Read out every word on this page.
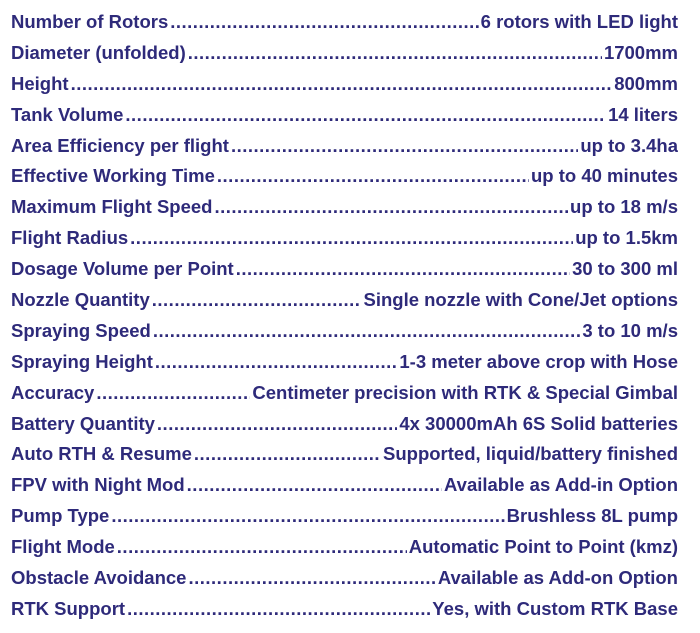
Number of Rotors .....	6 rotors with LED light
Diameter (unfolded) .....	1700mm
Height .....	800mm
Tank Volume .....	14 liters
Area Efficiency per flight .....	up to 3.4ha
Effective Working Time .....	up to 40 minutes
Maximum Flight Speed .....	up to 18 m/s
Flight Radius .....	up to 1.5km
Dosage Volume per Point .....	30 to 300 ml
Nozzle Quantity .....	Single nozzle with Cone/Jet options
Spraying Speed .....	3 to 10 m/s
Spraying Height .....	1-3 meter above crop with Hose
Accuracy .....	Centimeter precision with RTK & Special Gimbal
Battery Quantity .....	4x 30000mAh 6S Solid batteries
Auto RTH & Resume .....	Supported, liquid/battery finished
FPV with Night Mod .....	Available as Add-in Option
Pump Type .....	Brushless 8L pump
Flight Mode .....	Automatic Point to Point (kmz)
Obstacle Avoidance .....	Available as Add-on Option
RTK Support .....	Yes, with Custom RTK Base
